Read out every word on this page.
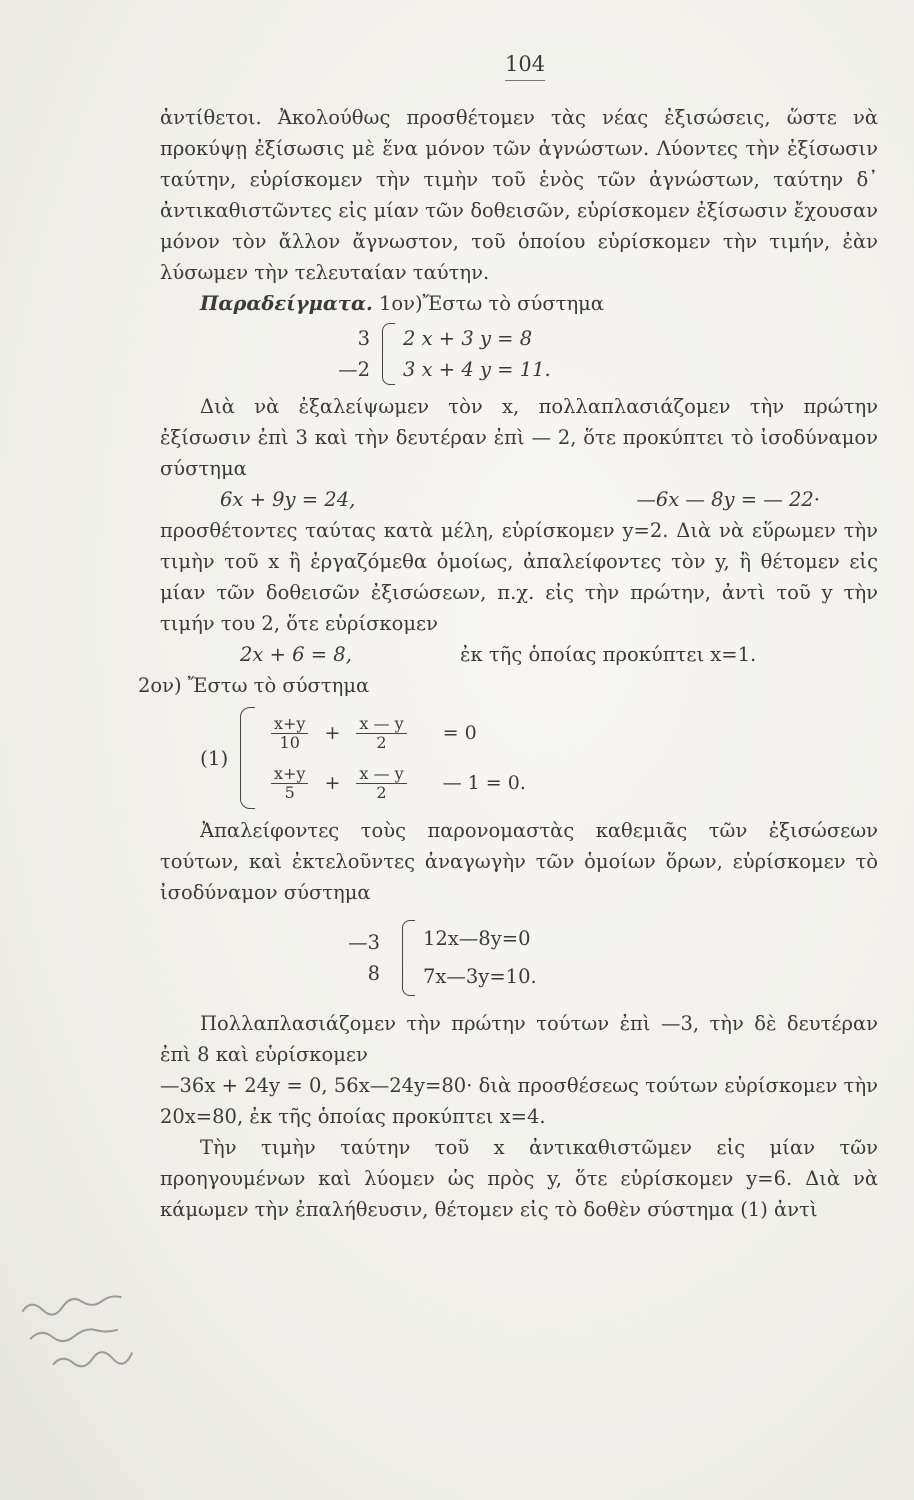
104

ἀντίθετοι. Ἀκολούθως προσθέτομεν τὰς νέας ἐξισώσεις, ὥστε νὰ προκύψῃ ἐξίσωσις μὲ ἕνα μόνον τῶν ἀγνώστων. Λύοντες τὴν ἐξίσωσιν ταύτην, εὑρίσκομεν τὴν τιμὴν τοῦ ἑνὸς τῶν ἀγνώστων, ταύτην δ᾽ ἀντικαθιστῶντες εἰς μίαν τῶν δοθεισῶν, εὑρίσκομεν ἐξίσωσιν ἔχουσαν μόνον τὸν ἄλλον ἄγνωστον, τοῦ ὁποίου εὑρίσκομεν τὴν τιμήν, ἐὰν λύσωμεν τὴν τελευταίαν ταύτην.

Παραδείγματα. 1ον)Ἔστω τὸ σύστημα

3
—2
2 x + 3 y = 8
3 x + 4 y = 11.

Διὰ νὰ ἐξαλείψωμεν τὸν x, πολλαπλασιάζομεν τὴν πρώτην ἐξίσωσιν ἐπὶ 3 καὶ τὴν δευτέραν ἐπὶ — 2, ὅτε προκύπτει τὸ ἰσοδύναμον σύστημα

6x + 9y = 24,	—6x — 8y = — 22·

προσθέτοντες ταύτας κατὰ μέλη, εὑρίσκομεν y=2. Διὰ νὰ εὕρωμεν τὴν τιμὴν τοῦ x ἢ ἐργαζόμεθα ὁμοίως, ἀπαλείφοντες τὸν y, ἢ θέτομεν εἰς μίαν τῶν δοθεισῶν ἐξισώσεων, π.χ. εἰς τὴν πρώτην, ἀντὶ τοῦ y τὴν τιμήν του 2, ὅτε εὑρίσκομεν

2x + 6 = 8,	ἐκ τῆς ὁποίας προκύπτει x=1.

2ον) Ἔστω τὸ σύστημα

(1)
$\frac{x+y}{10} + \frac{x — y}{2} = 0$
$\frac{x+y}{5} + \frac{x — y}{2}$ — 1 = 0.

Ἀπαλείφοντες τοὺς παρονομαστὰς καθεμιᾶς τῶν ἐξισώσεων τούτων, καὶ ἐκτελοῦντες ἀναγωγὴν τῶν ὁμοίων ὅρων, εὑρίσκομεν τὸ ἰσοδύναμον σύστημα

—3
8
12x—8y=0
7x—3y=10.

Πολλαπλασιάζομεν τὴν πρώτην τούτων ἐπὶ —3, τὴν δὲ δευτέραν ἐπὶ 8 καὶ εὑρίσκομεν

—36x + 24y = 0, 56x—24y=80· διὰ προσθέσεως τούτων εὑρίσκομεν τὴν 20x=80, ἐκ τῆς ὁποίας προκύπτει x=4.

Τὴν τιμὴν ταύτην τοῦ x ἀντικαθιστῶμεν εἰς μίαν τῶν προηγουμένων καὶ λύομεν ὡς πρὸς y, ὅτε εὑρίσκομεν y=6. Διὰ νὰ κάμωμεν τὴν ἐπαλήθευσιν, θέτομεν εἰς τὸ δοθὲν σύστημα (1) ἀντὶ
